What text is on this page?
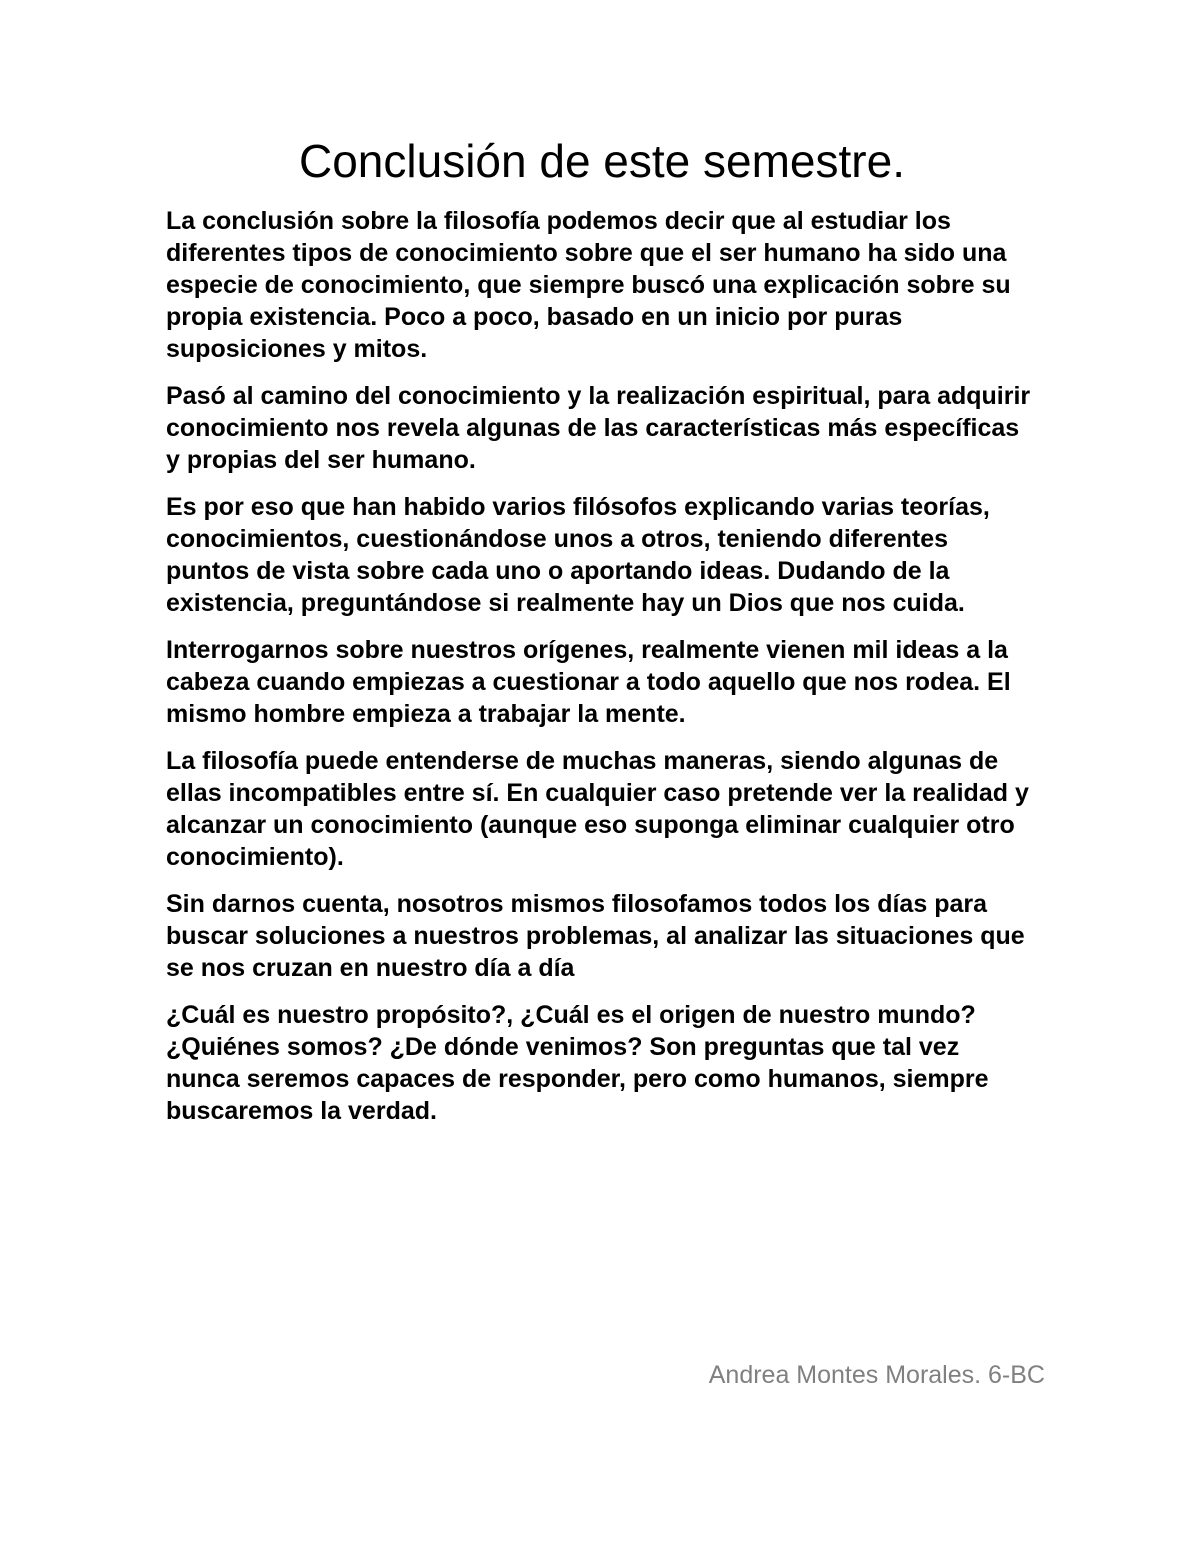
Conclusión de este semestre.

La conclusión sobre la filosofía podemos decir que al estudiar los diferentes tipos de conocimiento sobre que el ser humano ha sido una especie de conocimiento, que siempre buscó una explicación sobre su propia existencia. Poco a poco, basado en un inicio por puras suposiciones y mitos.

Pasó al camino del conocimiento y la realización espiritual, para adquirir conocimiento nos revela algunas de las características más específicas y propias del ser humano.

Es por eso que han habido varios filósofos explicando varias teorías, conocimientos, cuestionándose unos a otros, teniendo diferentes puntos de vista sobre cada uno o aportando ideas. Dudando de la existencia, preguntándose si realmente hay un Dios que nos cuida.

Interrogarnos sobre nuestros orígenes, realmente vienen mil ideas a la cabeza cuando empiezas a cuestionar a todo aquello que nos rodea. El mismo hombre empieza a trabajar la mente.

La filosofía puede entenderse de muchas maneras, siendo algunas de ellas incompatibles entre sí. En cualquier caso pretende ver la realidad y alcanzar un conocimiento (aunque eso suponga eliminar cualquier otro conocimiento).

Sin darnos cuenta, nosotros mismos filosofamos todos los días para buscar soluciones a nuestros problemas, al analizar las situaciones que se nos cruzan en nuestro día a día

¿Cuál es nuestro propósito?, ¿Cuál es el origen de nuestro mundo? ¿Quiénes somos? ¿De dónde venimos? Son preguntas que tal vez nunca seremos capaces de responder, pero como humanos, siempre buscaremos la verdad.

Andrea Montes Morales. 6-BC
